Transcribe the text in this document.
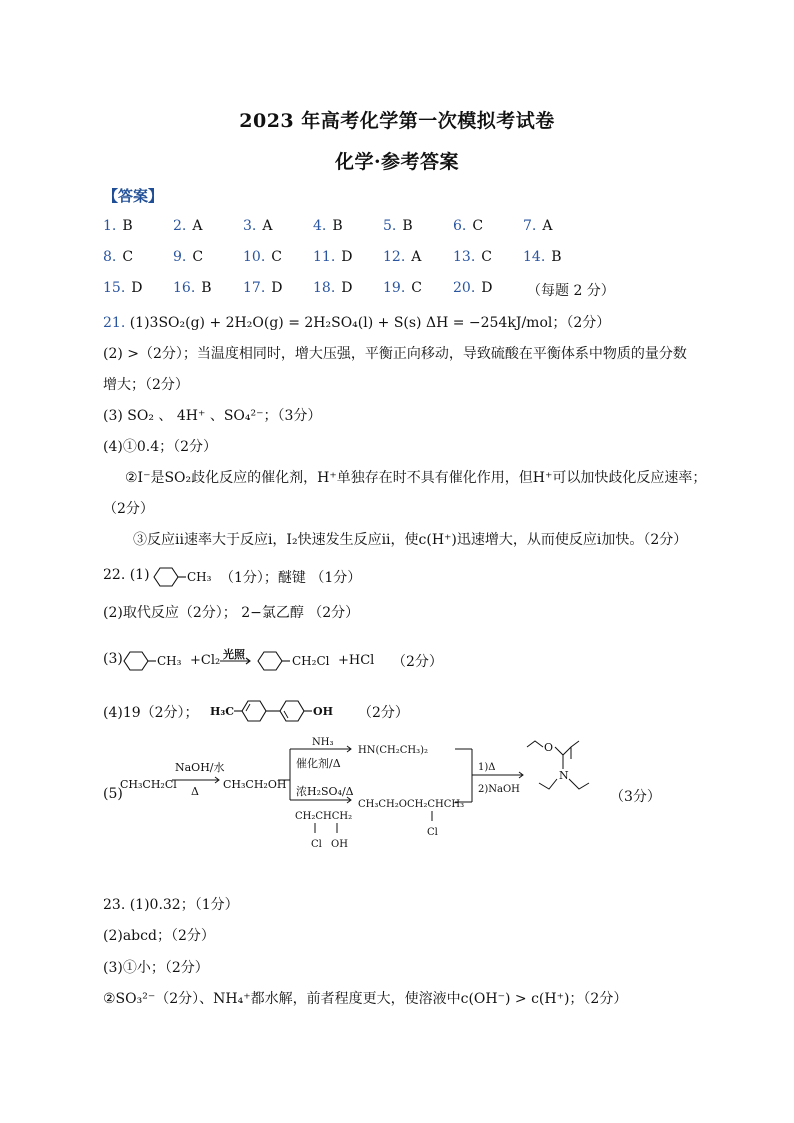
2023 年高考化学第一次模拟考试卷
化学·参考答案
【答案】
1. B	2. A	3. A	4. B	5. B	6. C	7. A
8. C	9. C	10. C 11. D 12. A 13. C 14. B
15. D 16. B 17. D 18. D 19. C 20. D （每题 2 分）
21. (1)3SO₂(g) + 2H₂O(g) = 2H₂SO₄(l) + S(s) ΔH = −254kJ/mol；（2分）
(2) >（2分）；当温度相同时，增大压强，平衡正向移动，导致硫酸在平衡体系中物质的量分数
增大；（2分）
(3) SO₂ 、 4H⁺ 、SO₄²⁻；（3分）
(4)①0.4；（2分）
②I⁻是SO₂歧化反应的催化剂，H⁺单独存在时不具有催化作用，但H⁺可以加快歧化反应速率；
（2分）
③反应ii速率大于反应i，I₂快速发生反应ii，使c(H⁺)迅速增大，从而使反应i加快。（2分）
22. (1)	CH₃ （1分）；醚键 （1分）
(2)取代反应（2分）； 2−氯乙醇 （2分）
(3)	CH₃ +Cl₂ 光照	CH₂Cl +HCl （2分）
(4)19（2分）； H₃C	OH （2分）
(5)
CH₃CH₂Cl
NaOH/水
Δ
CH₃CH₂OH
NH₃
催化剂/Δ
HN(CH₂CH₃)₂
浓H₂SO₄/Δ
CH₃CH₂OCH₂CHCH₃
Cl
CH₂CHCH₂
Cl OH
1)Δ
2)NaOH
O
N
（3分）
23. (1)0.32；（1分）
(2)abcd；（2分）
(3)①小；（2分）
②SO₃²⁻（2分）、NH₄⁺都水解，前者程度更大，使溶液中c(OH⁻) > c(H⁺)；（2分）
